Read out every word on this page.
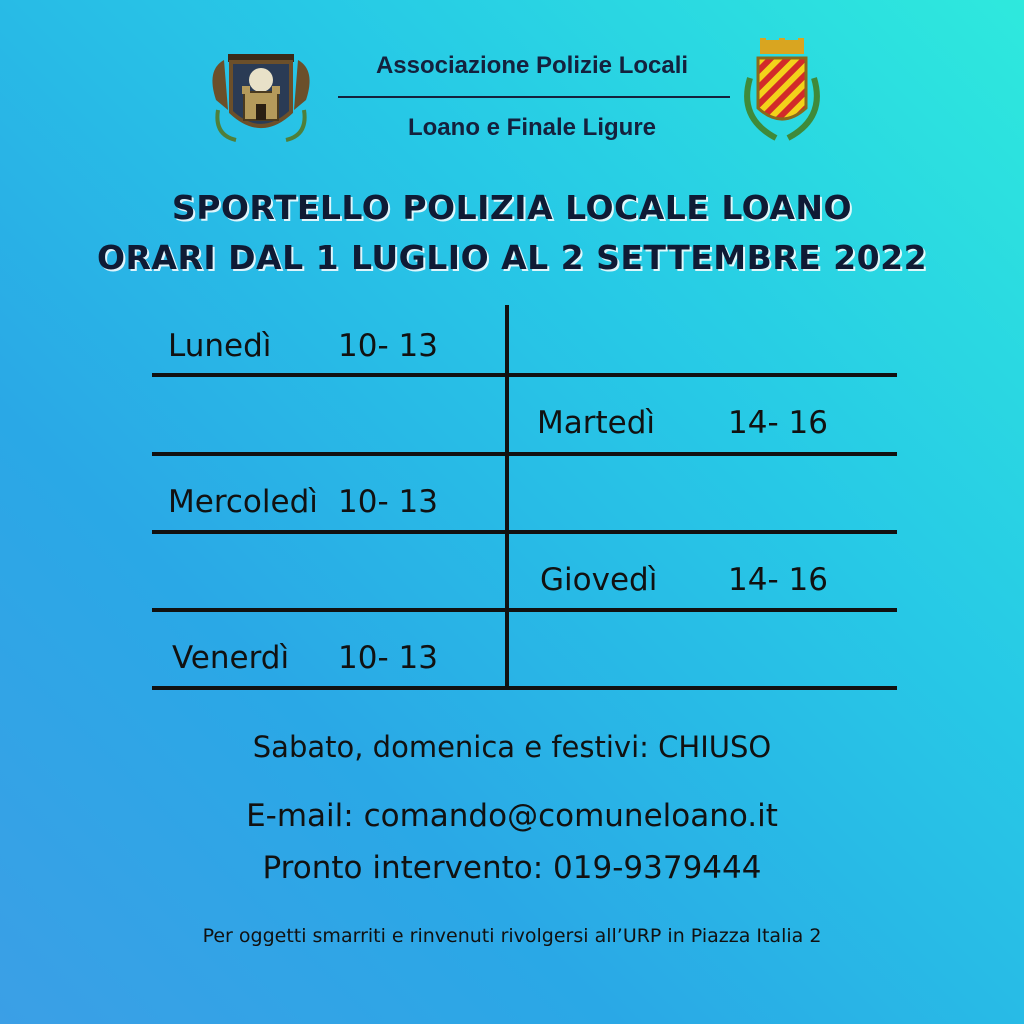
Associazione Polizie Locali
Loano e Finale Ligure
SPORTELLO POLIZIA LOCALE LOANO
ORARI DAL 1 LUGLIO AL 2 SETTEMBRE 2022
Lunedì 10- 13
Martedì 14- 16
Mercoledì 10- 13
Giovedì 14- 16
Venerdì 10- 13
Sabato, domenica e festivi: CHIUSO
E-mail: comando@comuneloano.it
Pronto intervento: 019-9379444
Per oggetti smarriti e rinvenuti rivolgersi all’URP in Piazza Italia 2
